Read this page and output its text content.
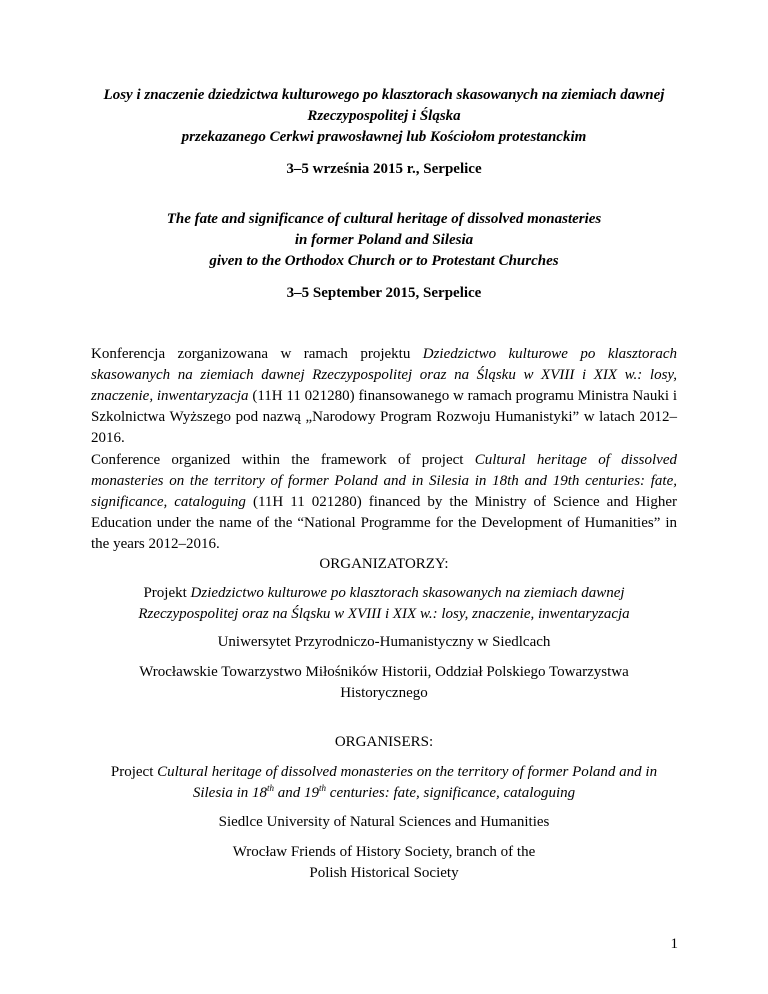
Losy i znaczenie dziedzictwa kulturowego po klasztorach skasowanych na ziemiach dawnej
Rzeczypospolitej i Śląska
przekazanego Cerkwi prawosławnej lub Kościołom protestanckim
3–5 września 2015 r., Serpelice
The fate and significance of cultural heritage of dissolved monasteries
in former Poland and Silesia
given to the Orthodox Church or to Protestant Churches
3–5 September 2015, Serpelice
Konferencja zorganizowana w ramach projektu Dziedzictwo kulturowe po klasztorach skasowanych na ziemiach dawnej Rzeczypospolitej oraz na Śląsku w XVIII i XIX w.: losy, znaczenie, inwentaryzacja (11H 11 021280) finansowanego w ramach programu Ministra Nauki i Szkolnictwa Wyższego pod nazwą „Narodowy Program Rozwoju Humanistyki” w latach 2012–2016.
Conference organized within the framework of project Cultural heritage of dissolved monasteries on the territory of former Poland and in Silesia in 18th and 19th centuries: fate, significance, cataloguing (11H 11 021280) financed by the Ministry of Science and Higher Education under the name of the “National Programme for the Development of Humanities” in the years 2012–2016.
ORGANIZATORZY:
Projekt Dziedzictwo kulturowe po klasztorach skasowanych na ziemiach dawnej
Rzeczypospolitej oraz na Śląsku w XVIII i XIX w.: losy, znaczenie, inwentaryzacja
Uniwersytet Przyrodniczo-Humanistyczny w Siedlcach
Wrocławskie Towarzystwo Miłośników Historii, Oddział Polskiego Towarzystwa
Historycznego
ORGANISERS:
Project Cultural heritage of dissolved monasteries on the territory of former Poland and in
Silesia in 18th and 19th centuries: fate, significance, cataloguing
Siedlce University of Natural Sciences and Humanities
Wrocław Friends of History Society, branch of the
Polish Historical Society
1
